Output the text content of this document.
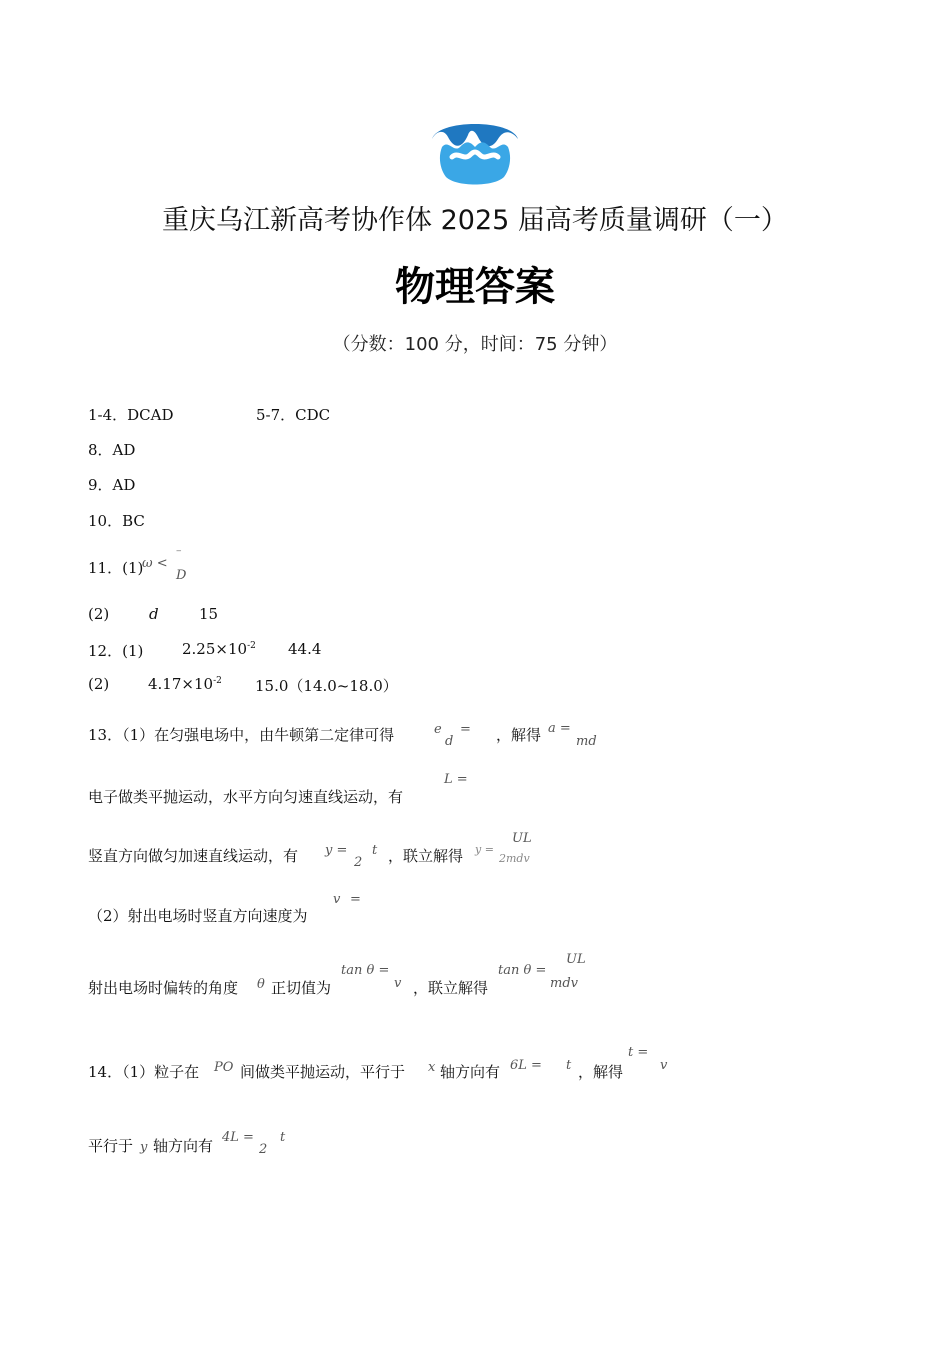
重庆乌江新高考协作体 2025 届高考质量调研（一）
物理答案
（分数：100 分，时间：75 分钟）
1-4．DCAD	5-7．CDC
8．AD
9．AD
10．BC
11．(1)
ω <
–
D
(2)	d	15
12．(1)	$2.25\times 10^{-2}$ 44.4
(2)	$4.17\times 10^{-2}$ 15.0（14.0~18.0）
13．（1）在匀强电场中，由牛顿第二定律可得	e
d
= ，解得 a =
md
电子做类平抛运动，水平方向匀速直线运动，有
L =
竖直方向做匀加速直线运动，有 y =
2
t ，联立解得 y =
UL
2mdv
（2）射出电场时竖直方向速度为
v =
射出电场时偏转的角度 θ 正切值为
tan θ =
v ，联立解得
tan θ =
UL
mdv
14．（1）粒子在 PO 间做类平抛运动，平行于 x 轴方向有 6L = t ，解得
t =
v
平行于 y 轴方向有 4L =
2
t
